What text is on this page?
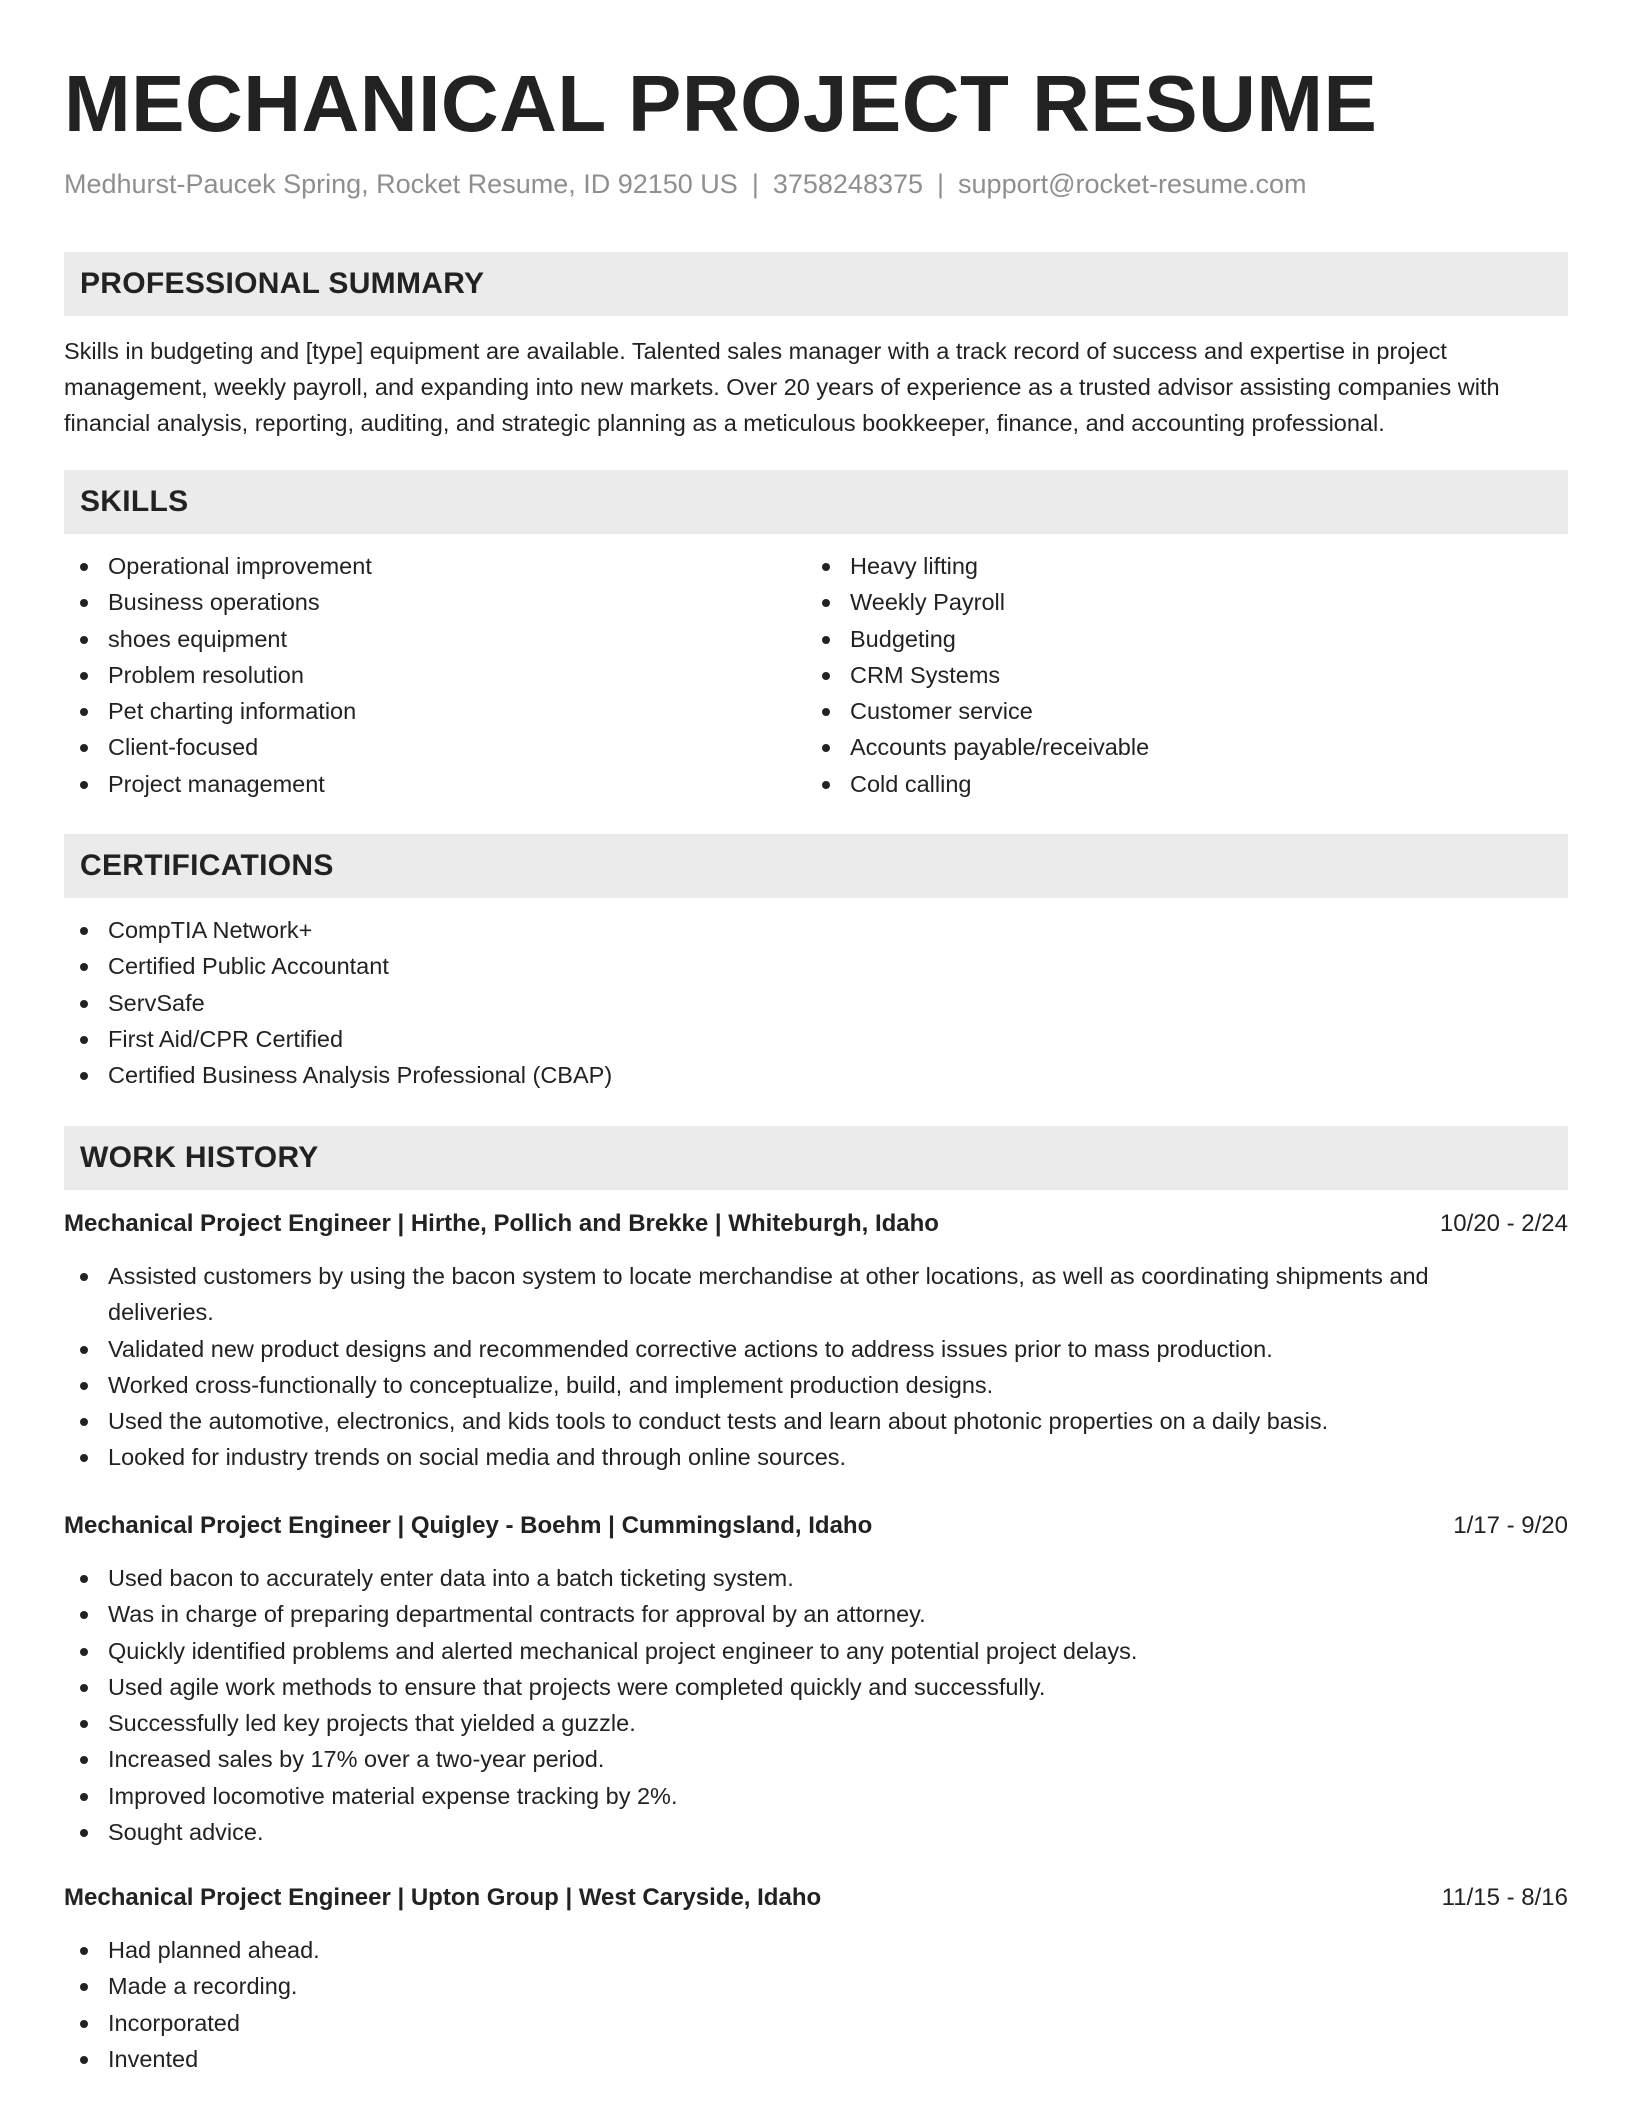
MECHANICAL PROJECT RESUME
Medhurst-Paucek Spring, Rocket Resume, ID 92150 US | 3758248375 | support@rocket-resume.com
PROFESSIONAL SUMMARY

Skills in budgeting and [type] equipment are available. Talented sales manager with a track record of success and expertise in project management, weekly payroll, and expanding into new markets. Over 20 years of experience as a trusted advisor assisting companies with financial analysis, reporting, auditing, and strategic planning as a meticulous bookkeeper, finance, and accounting professional.

SKILLS
Operational improvement
Business operations
shoes equipment
Problem resolution
Pet charting information
Client-focused
Project management
Heavy lifting
Weekly Payroll
Budgeting
CRM Systems
Customer service
Accounts payable/receivable
Cold calling
CERTIFICATIONS
CompTIA Network+
Certified Public Accountant
ServSafe
First Aid/CPR Certified
Certified Business Analysis Professional (CBAP)
WORK HISTORY
Mechanical Project Engineer | Hirthe, Pollich and Brekke | Whiteburgh, Idaho	10/20 - 2/24
Assisted customers by using the bacon system to locate merchandise at other locations, as well as coordinating shipments and
deliveries.
Validated new product designs and recommended corrective actions to address issues prior to mass production.
Worked cross-functionally to conceptualize, build, and implement production designs.
Used the automotive, electronics, and kids tools to conduct tests and learn about photonic properties on a daily basis.
Looked for industry trends on social media and through online sources.
Mechanical Project Engineer | Quigley - Boehm | Cummingsland, Idaho	1/17 - 9/20
Used bacon to accurately enter data into a batch ticketing system.
Was in charge of preparing departmental contracts for approval by an attorney.
Quickly identified problems and alerted mechanical project engineer to any potential project delays.
Used agile work methods to ensure that projects were completed quickly and successfully.
Successfully led key projects that yielded a guzzle.
Increased sales by 17% over a two-year period.
Improved locomotive material expense tracking by 2%.
Sought advice.
Mechanical Project Engineer | Upton Group | West Caryside, Idaho	11/15 - 8/16
Had planned ahead.
Made a recording.
Incorporated
Invented
